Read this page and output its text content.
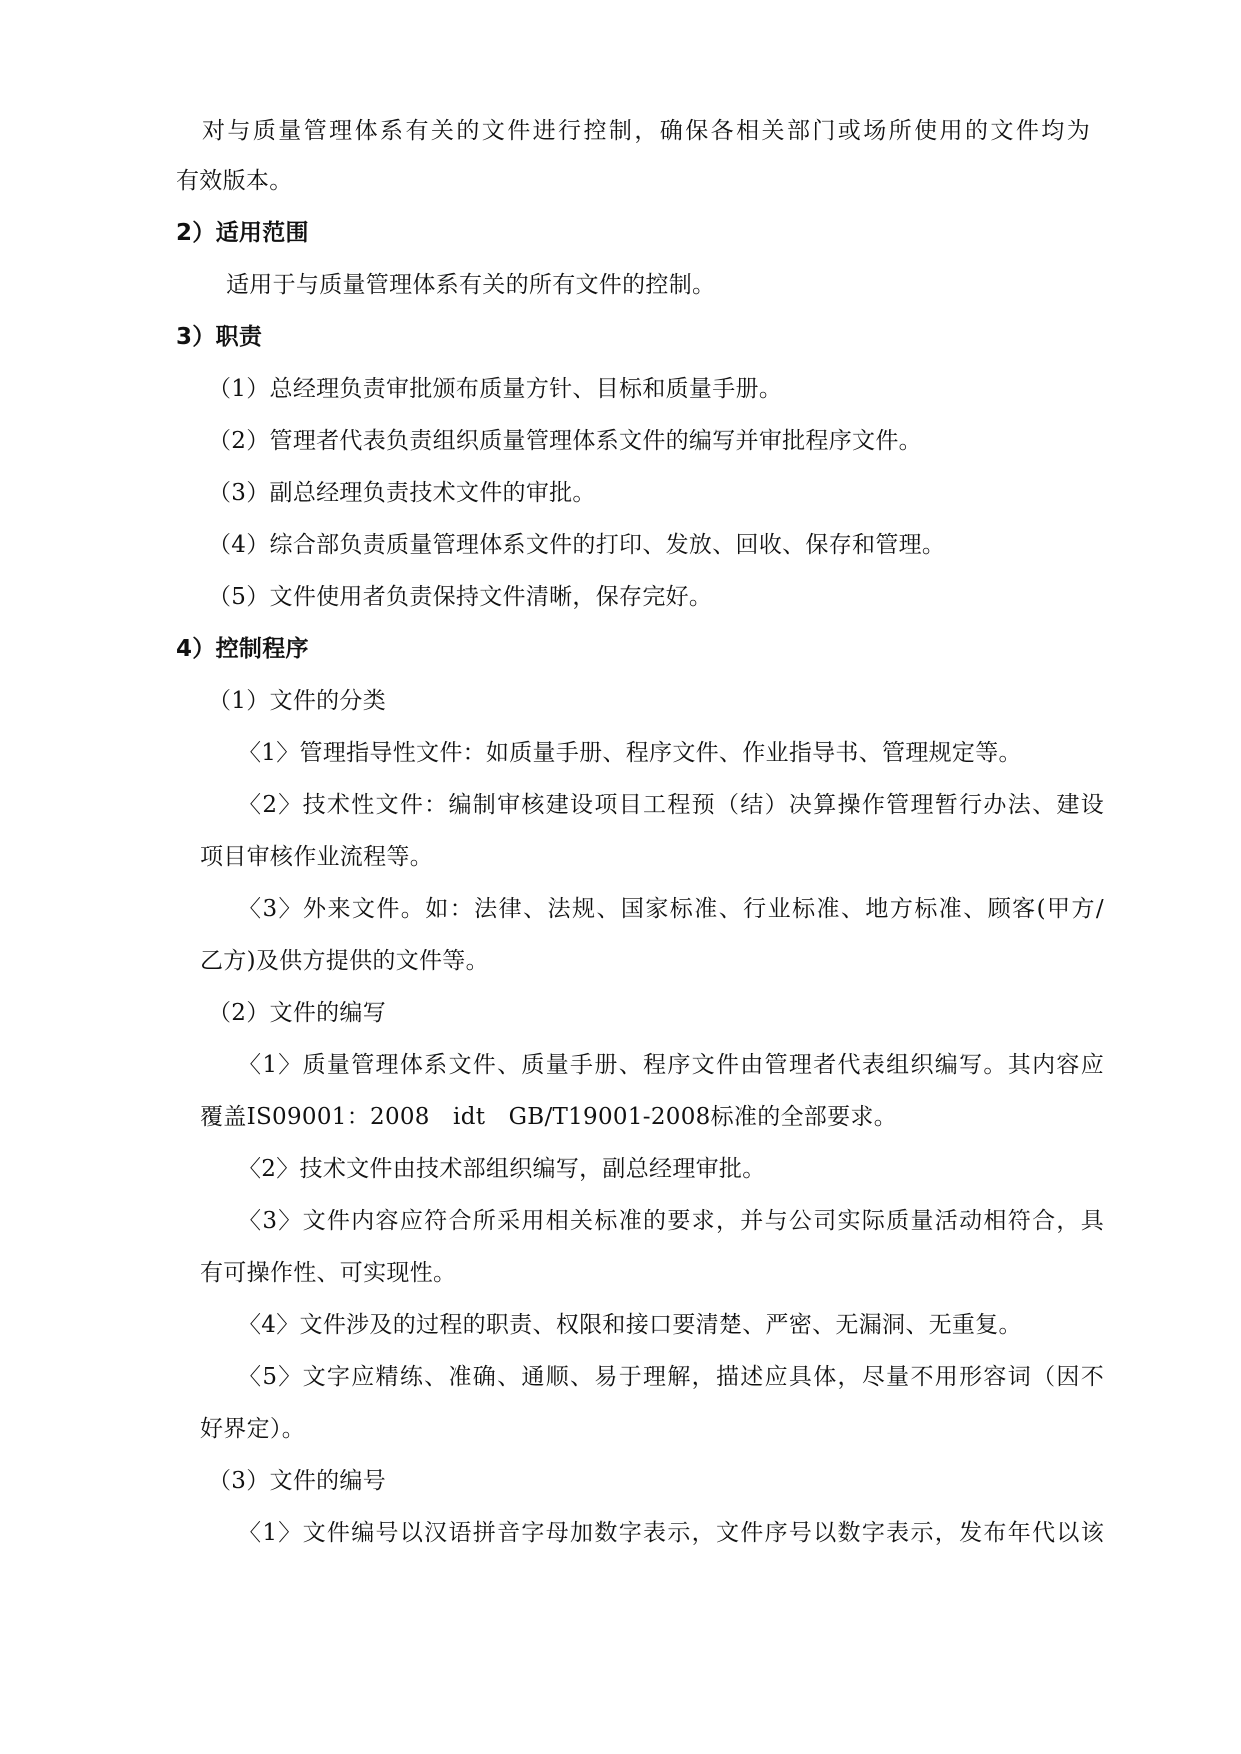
对与质量管理体系有关的文件进行控制，确保各相关部门或场所使用的文件均为

有效版本。

2）适用范围

适用于与质量管理体系有关的所有文件的控制。

3）职责

（1）总经理负责审批颁布质量方针、目标和质量手册。

（2）管理者代表负责组织质量管理体系文件的编写并审批程序文件。

（3）副总经理负责技术文件的审批。

（4）综合部负责质量管理体系文件的打印、发放、回收、保存和管理。

（5）文件使用者负责保持文件清晰，保存完好。

4）控制程序

（1）文件的分类

〈1〉管理指导性文件：如质量手册、程序文件、作业指导书、管理规定等。

〈2〉技术性文件：编制审核建设项目工程预（结）决算操作管理暂行办法、建设

项目审核作业流程等。

〈3〉外来文件。如：法律、法规、国家标准、行业标准、地方标准、顾客(甲方/

乙方)及供方提供的文件等。

（2）文件的编写

〈1〉质量管理体系文件、质量手册、程序文件由管理者代表组织编写。其内容应

覆盖IS09001：2008　idt　GB/T19001-2008标准的全部要求。

〈2〉技术文件由技术部组织编写，副总经理审批。

〈3〉文件内容应符合所采用相关标准的要求，并与公司实际质量活动相符合，具

有可操作性、可实现性。

〈4〉文件涉及的过程的职责、权限和接口要清楚、严密、无漏洞、无重复。

〈5〉文字应精练、准确、通顺、易于理解，描述应具体，尽量不用形容词（因不

好界定）。

（3）文件的编号

〈1〉文件编号以汉语拼音字母加数字表示，文件序号以数字表示，发布年代以该
